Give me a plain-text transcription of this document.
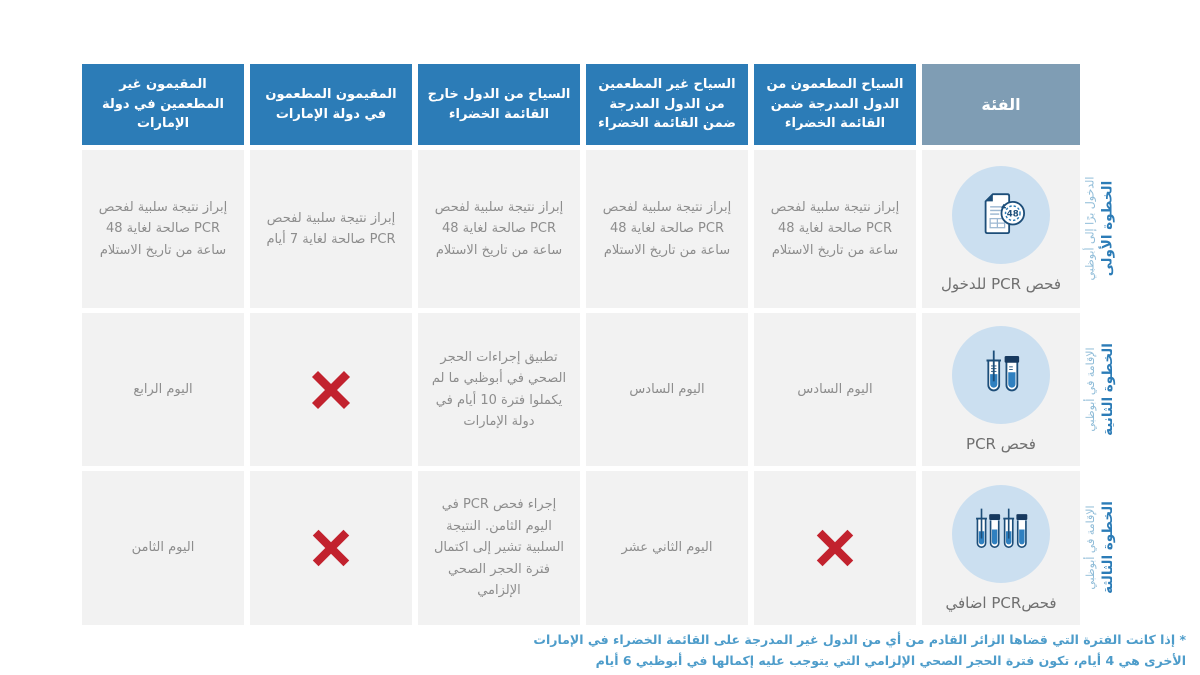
الفئة
السياح المطعمون من الدول المدرجة ضمن القائمة الخضراء
السياح غير المطعمين من الدول المدرجة ضمن القائمة الخضراء
السياح من الدول خارج القائمة الخضراء
المقيمون المطعمون في دولة الإمارات
المقيمون غير المطعمين في دولة الإمارات
48
فحص PCR للدخول
إبراز نتيجة سلبية لفحص PCR صالحة لغاية 48 ساعة من تاريخ الاستلام
إبراز نتيجة سلبية لفحص PCR صالحة لغاية 48 ساعة من تاريخ الاستلام
إبراز نتيجة سلبية لفحص PCR صالحة لغاية 48 ساعة من تاريخ الاستلام
إبراز نتيجة سلبية لفحص PCR صالحة لغاية 7 أيام
إبراز نتيجة سلبية لفحص PCR صالحة لغاية 48 ساعة من تاريخ الاستلام
فحص PCR
اليوم السادس
اليوم السادس
تطبيق إجراءات الحجر الصحي في أبوظبي ما لم يكملوا فترة 10 أيام في دولة الإمارات
اليوم الرابع
فحصPCR اضافي
اليوم الثاني عشر
إجراء فحص PCR في اليوم الثامن. النتيجة السلبية تشير إلى اكتمال فترة الحجر الصحي الإلزامي
اليوم الثامن
الدخول برًا إلى أبوظبي الخطوة الأولى
الإقامة في أبوظبي الخطوة الثانية
الإقامة في أبوظبي الخطوة الثالثة
* إذا كانت الفترة التي قضاها الزائر القادم من أي من الدول غير المدرجة على القائمة الخضراء في الإمارات الأخرى هي 4 أيام، تكون فترة الحجر الصحي الإلزامي التي يتوجب عليه إكمالها في أبوظبي 6 أيام
